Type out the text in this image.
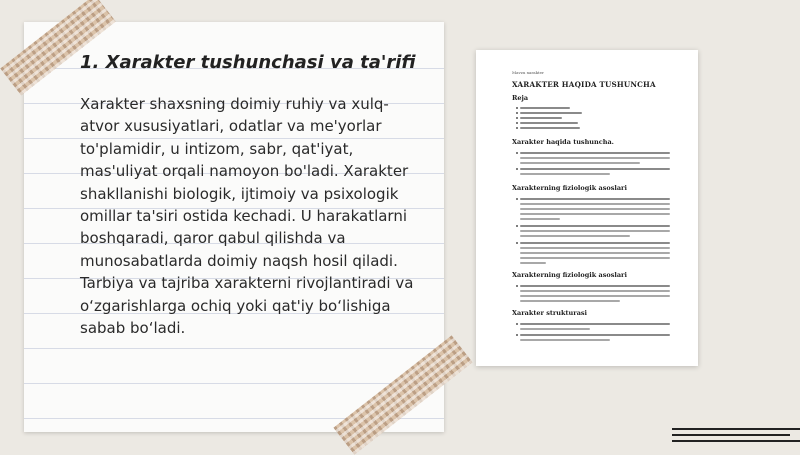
1. Xarakter tushunchasi va ta'rifi

Xarakter shaxsning doimiy ruhiy va xulq-atvor xususiyatlari, odatlar va me'yorlar to'plamidir, u intizom, sabr, qat'iyat, mas'uliyat orqali namoyon bo'ladi. Xarakter shakllanishi biologik, ijtimoiy va psixologik omillar ta'siri ostida kechadi. U harakatlarni boshqaradi, qaror qabul qilishda va munosabatlarda doimiy naqsh hosil qiladi. Tarbiya va tajriba xarakterni rivojlantiradi va o‘zgarishlarga ochiq yoki qat'iy bo‘lishiga sabab bo‘ladi.

Mavzu xarakter
XARAKTER HAQIDA TUSHUNCHA
Reja
Xarakter haqida tushuncha.
Xarakterning fiziologik asoslari
Xarakterning fiziologik asoslari
Xarakter strukturasi
